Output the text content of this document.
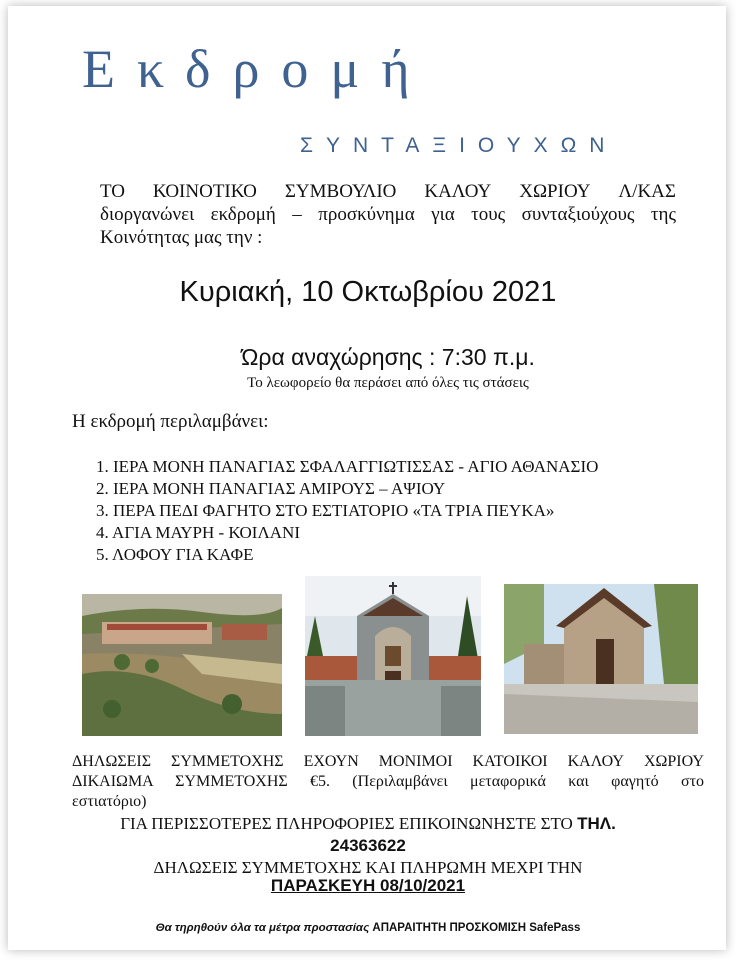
Εκδρομή
ΣΥΝΤΑΞΙΟΥΧΩΝ
ΤΟ ΚΟΙΝΟΤΙΚΟ ΣΥΜΒΟΥΛΙΟ ΚΑΛΟΥ ΧΩΡΙΟΥ Λ/ΚΑΣ
διοργανώνει εκδρομή – προσκύνημα για τους συνταξιούχους της
Κοινότητας μας την :
Κυριακή, 10 Οκτωβρίου 2021
Ώρα αναχώρησης : 7:30 π.μ.
Το λεωφορείο θα περάσει από όλες τις στάσεις
Η εκδρομή περιλαμβάνει:
1. ΙΕΡΑ ΜΟΝΗ ΠΑΝΑΓΙΑΣ ΣΦΑΛΑΓΓΙΩΤΙΣΣΑΣ - ΑΓΙΟ ΑΘΑΝΑΣΙΟ
2. ΙΕΡΑ ΜΟΝΗ ΠΑΝΑΓΙΑΣ ΑΜΙΡΟΥΣ – ΑΨΙΟΥ
3. ΠΕΡΑ ΠΕΔΙ ΦΑΓΗΤΟ ΣΤΟ ΕΣΤΙΑΤΟΡΙΟ «ΤΑ ΤΡΙΑ ΠΕΥΚΑ»
4. ΑΓΙΑ ΜΑΥΡΗ - ΚΟΙΛΑΝΙ
5. ΛΟΦΟΥ ΓΙΑ ΚΑΦΕ
ΔΗΛΩΣΕΙΣ ΣΥΜΜΕΤΟΧΗΣ ΕΧΟΥΝ ΜΟΝΙΜΟΙ ΚΑΤΟΙΚΟΙ ΚΑΛΟΥ ΧΩΡΙΟΥ
ΔΙΚΑΙΩΜΑ ΣΥΜΜΕΤΟΧΗΣ €5. (Περιλαμβάνει μεταφορικά και φαγητό στο
εστιατόριο)
ΓΙΑ ΠΕΡΙΣΣΟΤΕΡΕΣ ΠΛΗΡΟΦΟΡΙΕΣ ΕΠΙΚΟΙΝΩΝΗΣΤΕ ΣΤΟ ΤΗΛ.
24363622
ΔΗΛΩΣΕΙΣ ΣΥΜΜΕΤΟΧΗΣ ΚΑΙ ΠΛΗΡΩΜΗ ΜΕΧΡΙ ΤΗΝ
ΠΑΡΑΣΚΕΥΗ 08/10/2021
Θα τηρηθούν όλα τα μέτρα προστασίας ΑΠΑΡΑΙΤΗΤΗ ΠΡΟΣΚΟΜΙΣΗ SafePass
